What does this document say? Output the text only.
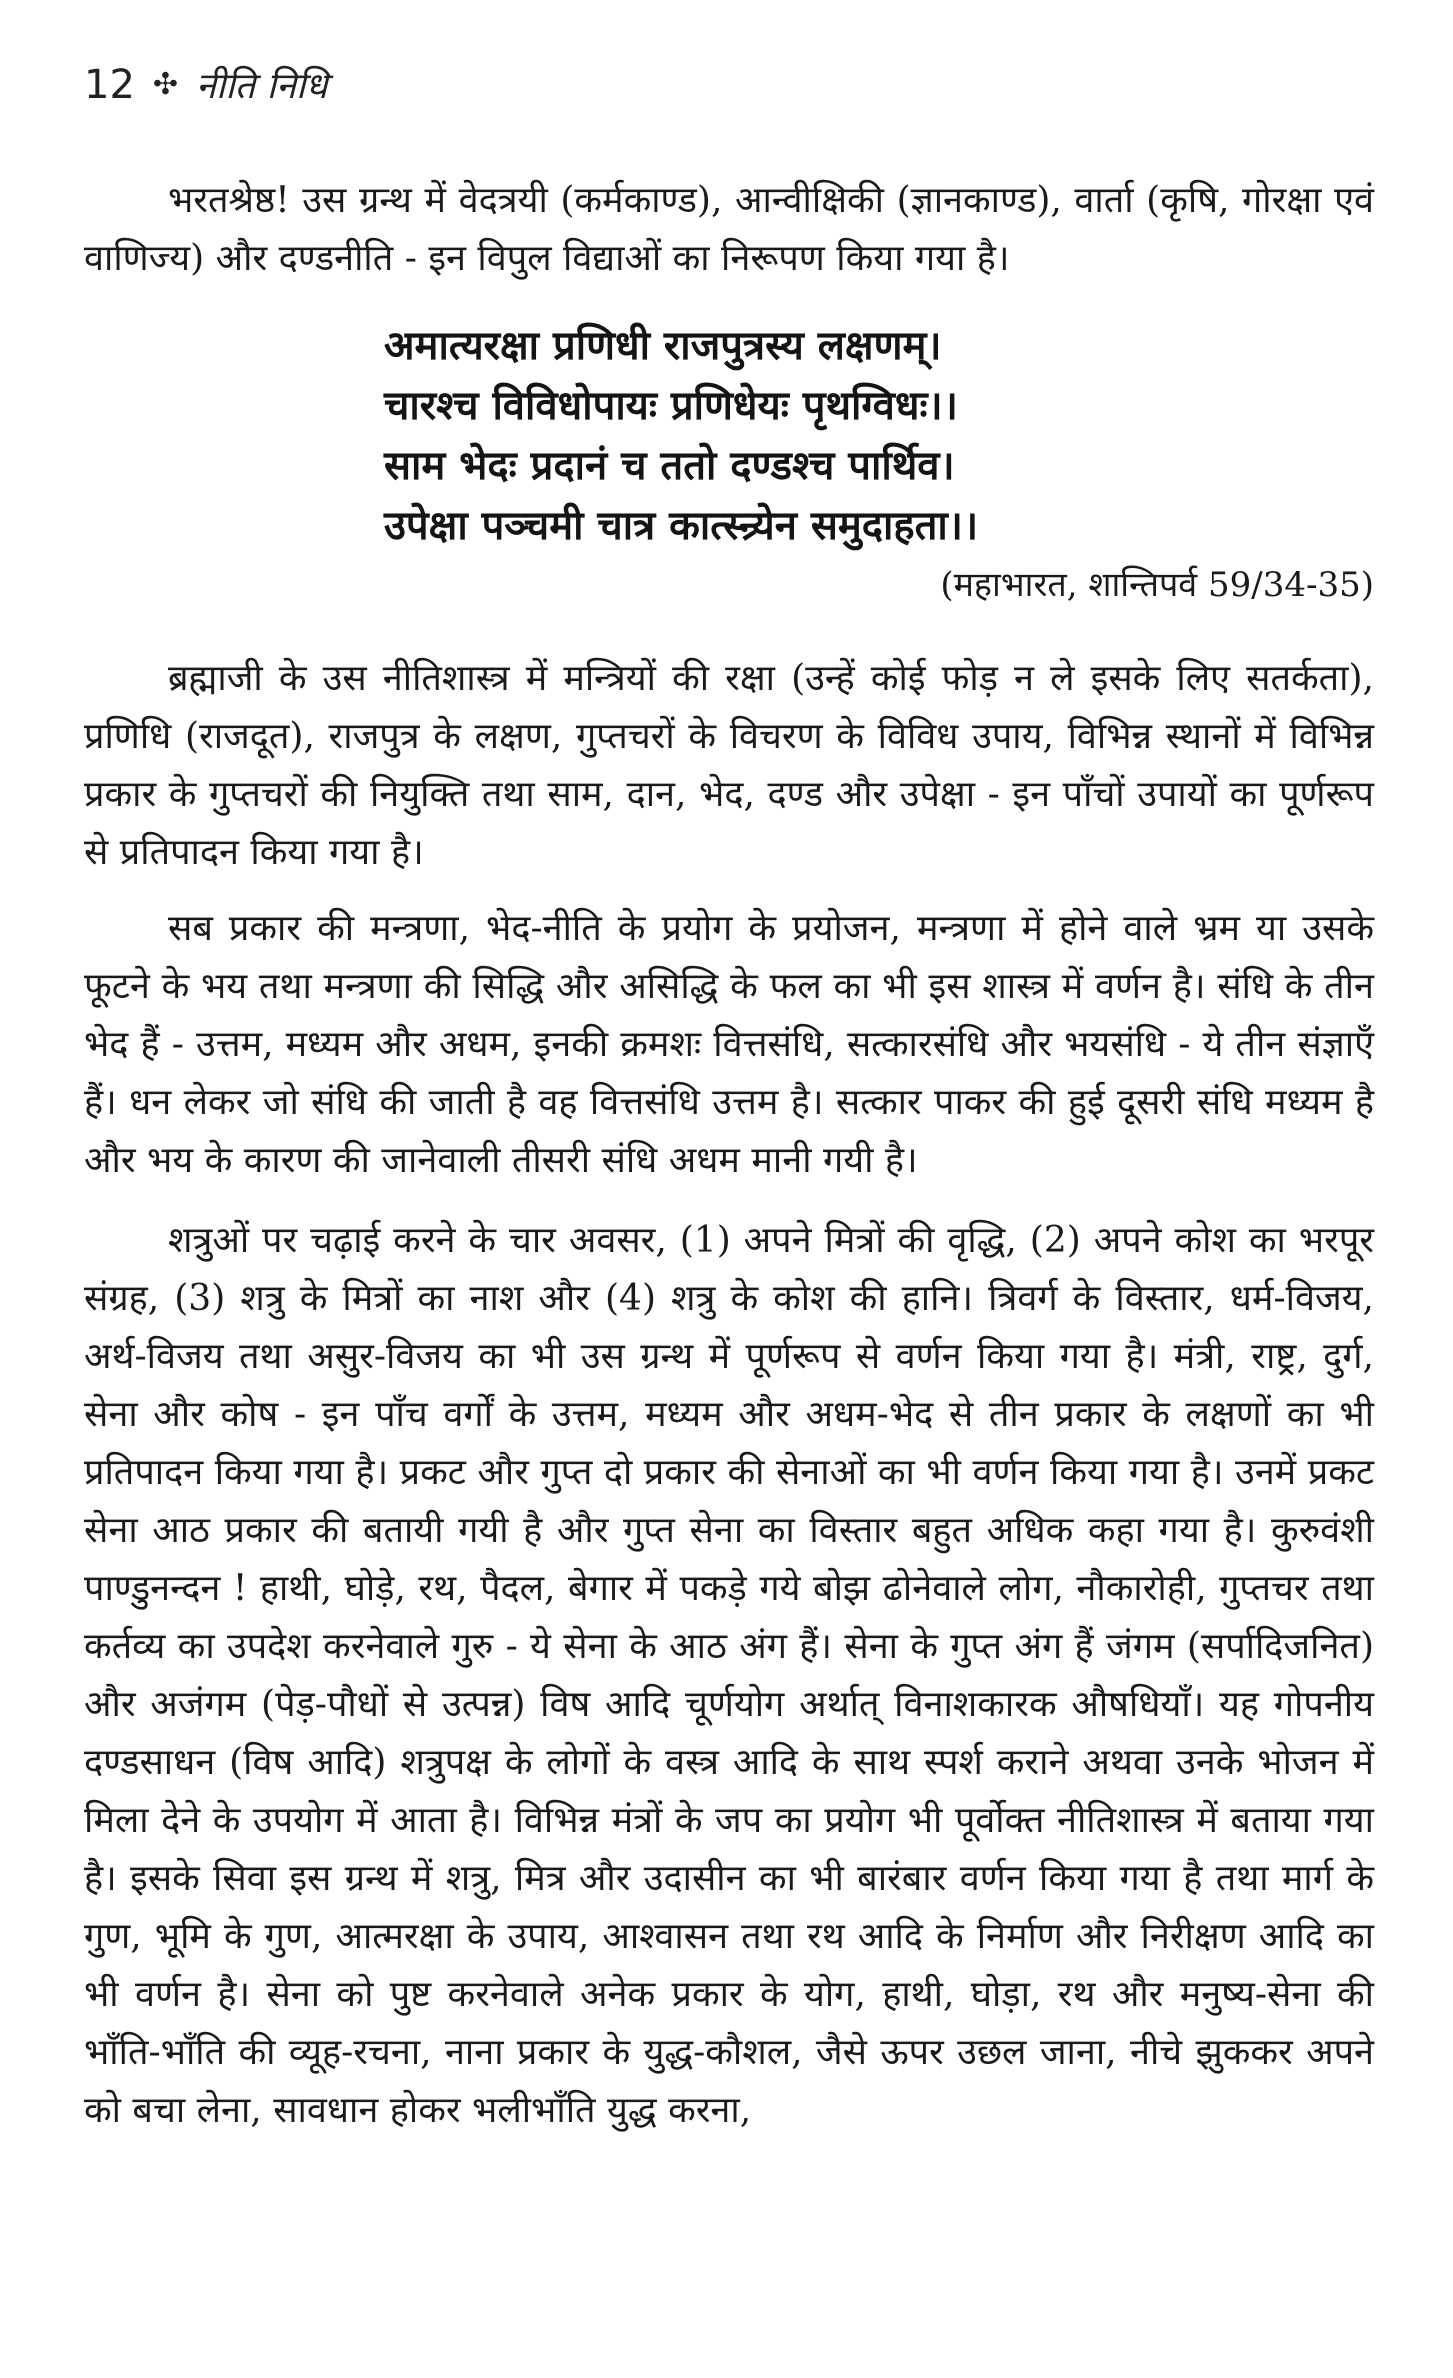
12 ✣ नीति निधि

भरतश्रेष्ठ! उस ग्रन्थ में वेदत्रयी (कर्मकाण्ड), आन्वीक्षिकी (ज्ञानकाण्ड), वार्ता (कृषि, गोरक्षा एवं वाणिज्य) और दण्डनीति - इन विपुल विद्याओं का निरूपण किया गया है।

अमात्यरक्षा प्रणिधी राजपुत्रस्य लक्षणम्।
चारश्च विविधोपायः प्रणिधेयः पृथग्विधः।।
साम भेदः प्रदानं च ततो दण्डश्च पार्थिव।
उपेक्षा पञ्चमी चात्र कात्स्न्र्येन समुदाहता।।
(महाभारत, शान्तिपर्व 59/34-35)

ब्रह्माजी के उस नीतिशास्त्र में मन्त्रियों की रक्षा (उन्हें कोई फोड़ न ले इसके लिए सतर्कता), प्रणिधि (राजदूत), राजपुत्र के लक्षण, गुप्तचरों के विचरण के विविध उपाय, विभिन्न स्थानों में विभिन्न प्रकार के गुप्तचरों की नियुक्ति तथा साम, दान, भेद, दण्ड और उपेक्षा - इन पाँचों उपायों का पूर्णरूप से प्रतिपादन किया गया है।

सब प्रकार की मन्त्रणा, भेद-नीति के प्रयोग के प्रयोजन, मन्त्रणा में होने वाले भ्रम या उसके फूटने के भय तथा मन्त्रणा की सिद्धि और असिद्धि के फल का भी इस शास्त्र में वर्णन है। संधि के तीन भेद हैं - उत्तम, मध्यम और अधम, इनकी क्रमशः वित्तसंधि, सत्कारसंधि और भयसंधि - ये तीन संज्ञाएँ हैं। धन लेकर जो संधि की जाती है वह वित्तसंधि उत्तम है। सत्कार पाकर की हुई दूसरी संधि मध्यम है और भय के कारण की जानेवाली तीसरी संधि अधम मानी गयी है।

शत्रुओं पर चढ़ाई करने के चार अवसर, (1) अपने मित्रों की वृद्धि, (2) अपने कोश का भरपूर संग्रह, (3) शत्रु के मित्रों का नाश और (4) शत्रु के कोश की हानि। त्रिवर्ग के विस्तार, धर्म-विजय, अर्थ-विजय तथा असुर-विजय का भी उस ग्रन्थ में पूर्णरूप से वर्णन किया गया है। मंत्री, राष्ट्र, दुर्ग, सेना और कोष - इन पाँच वर्गों के उत्तम, मध्यम और अधम-भेद से तीन प्रकार के लक्षणों का भी प्रतिपादन किया गया है। प्रकट और गुप्त दो प्रकार की सेनाओं का भी वर्णन किया गया है। उनमें प्रकट सेना आठ प्रकार की बतायी गयी है और गुप्त सेना का विस्तार बहुत अधिक कहा गया है। कुरुवंशी पाण्डुनन्दन ! हाथी, घोड़े, रथ, पैदल, बेगार में पकड़े गये बोझ ढोनेवाले लोग, नौकारोही, गुप्तचर तथा कर्तव्य का उपदेश करनेवाले गुरु - ये सेना के आठ अंग हैं। सेना के गुप्त अंग हैं जंगम (सर्पादिजनित) और अजंगम (पेड़-पौधों से उत्पन्न) विष आदि चूर्णयोग अर्थात् विनाशकारक औषधियाँ। यह गोपनीय दण्डसाधन (विष आदि) शत्रुपक्ष के लोगों के वस्त्र आदि के साथ स्पर्श कराने अथवा उनके भोजन में मिला देने के उपयोग में आता है। विभिन्न मंत्रों के जप का प्रयोग भी पूर्वोक्त नीतिशास्त्र में बताया गया है। इसके सिवा इस ग्रन्थ में शत्रु, मित्र और उदासीन का भी बारंबार वर्णन किया गया है तथा मार्ग के गुण, भूमि के गुण, आत्मरक्षा के उपाय, आश्वासन तथा रथ आदि के निर्माण और निरीक्षण आदि का भी वर्णन है। सेना को पुष्ट करनेवाले अनेक प्रकार के योग, हाथी, घोड़ा, रथ और मनुष्य-सेना की भाँति-भाँति की व्यूह-रचना, नाना प्रकार के युद्ध-कौशल, जैसे ऊपर उछल जाना, नीचे झुककर अपने को बचा लेना, सावधान होकर भलीभाँति युद्ध करना,
